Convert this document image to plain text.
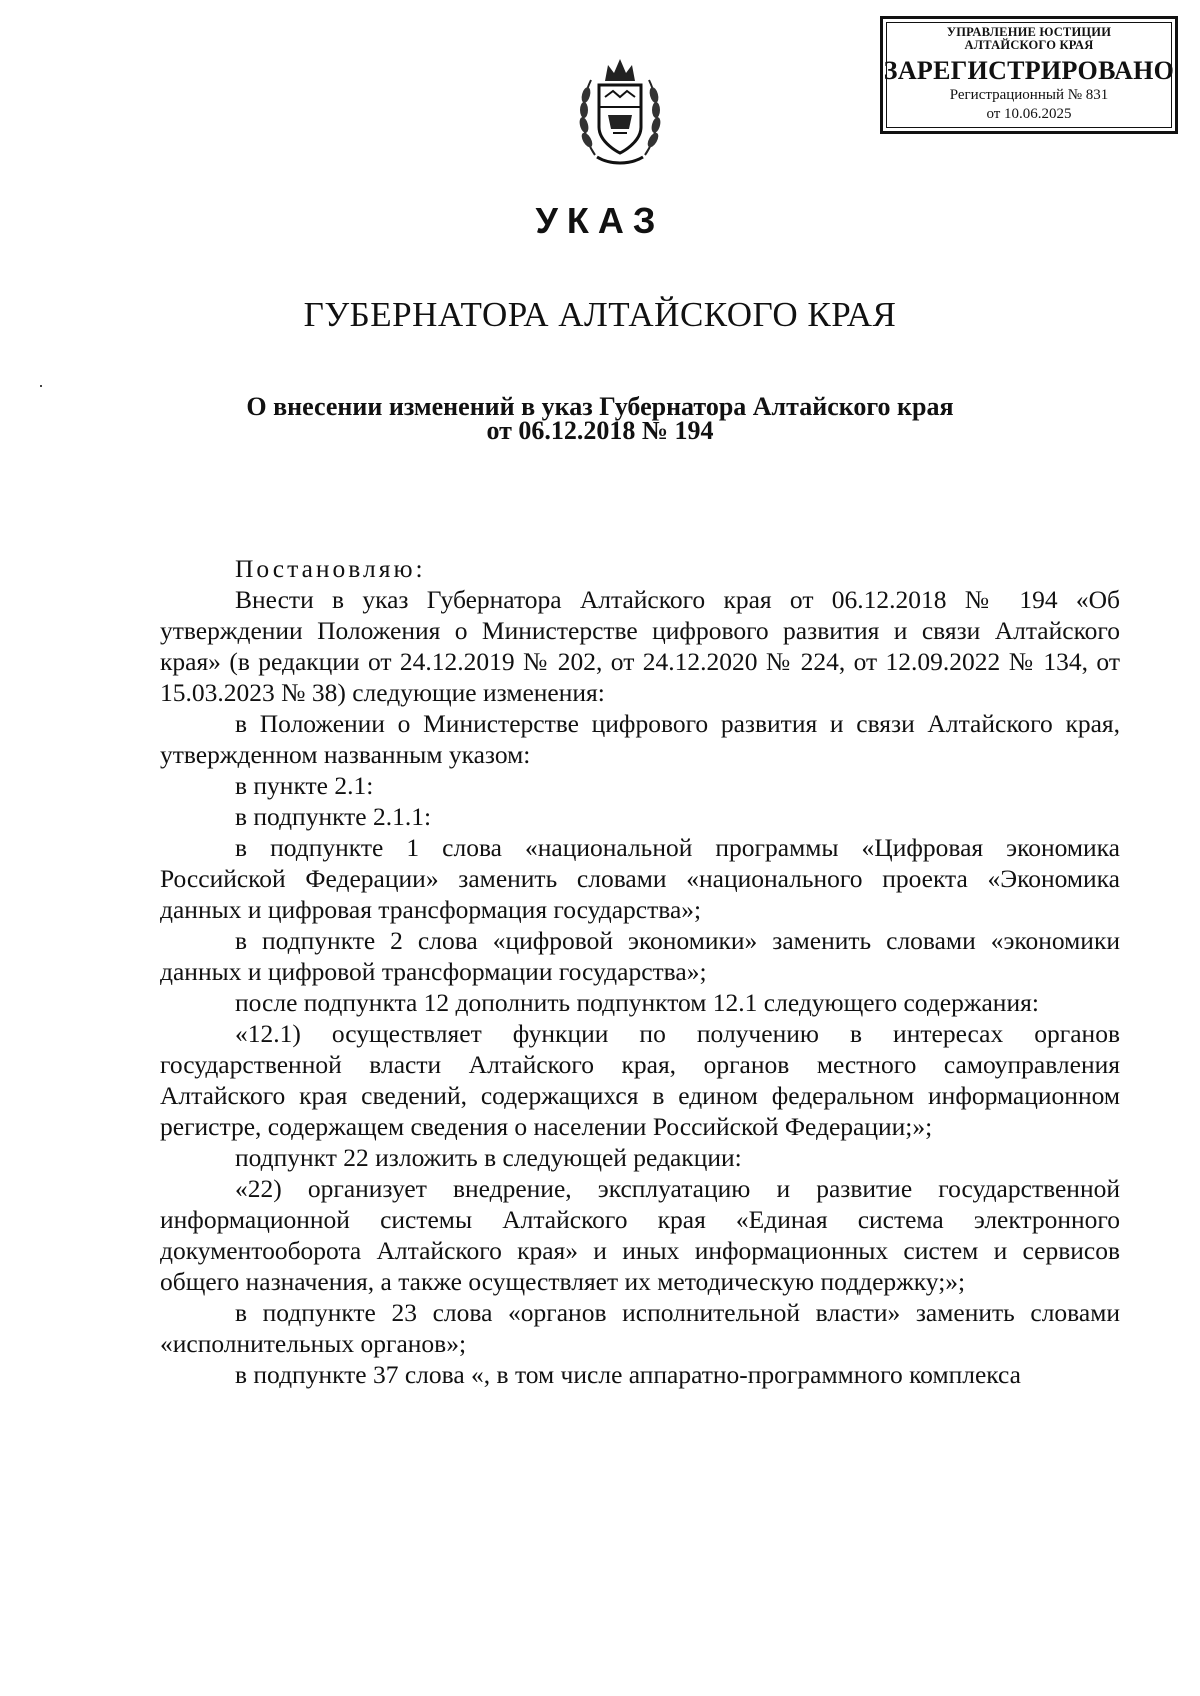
УПРАВЛЕНИЕ ЮСТИЦИИ
АЛТАЙСКОГО КРАЯ
ЗАРЕГИСТРИРОВАНО
Регистрационный № 831
от 10.06.2025
УКАЗ
ГУБЕРНАТОРА АЛТАЙСКОГО КРАЯ
О внесении изменений в указ Губернатора Алтайского края
от 06.12.2018 № 194

Постановляю:

Внести в указ Губернатора Алтайского края от 06.12.2018 № 194 «Об утверждении Положения о Министерстве цифрового развития и связи Алтайского края» (в редакции от 24.12.2019 № 202, от 24.12.2020 № 224, от 12.09.2022 № 134, от 15.03.2023 № 38) следующие изменения:

в Положении о Министерстве цифрового развития и связи Алтайского края, утвержденном названным указом:

в пункте 2.1:

в подпункте 2.1.1:

в подпункте 1 слова «национальной программы «Цифровая экономика Российской Федерации» заменить словами «национального проекта «Экономика данных и цифровая трансформация государства»;

в подпункте 2 слова «цифровой экономики» заменить словами «экономики данных и цифровой трансформации государства»;

после подпункта 12 дополнить подпунктом 12.1 следующего содержания:

«12.1) осуществляет функции по получению в интересах органов государственной власти Алтайского края, органов местного самоуправления Алтайского края сведений, содержащихся в едином федеральном информационном регистре, содержащем сведения о населении Российской Федерации;»;

подпункт 22 изложить в следующей редакции:

«22) организует внедрение, эксплуатацию и развитие государственной информационной системы Алтайского края «Единая система электронного документооборота Алтайского края» и иных информационных систем и сервисов общего назначения, а также осуществляет их методическую поддержку;»;

в подпункте 23 слова «органов исполнительной власти» заменить словами «исполнительных органов»;

в подпункте 37 слова «, в том числе аппаратно-программного комплекса
